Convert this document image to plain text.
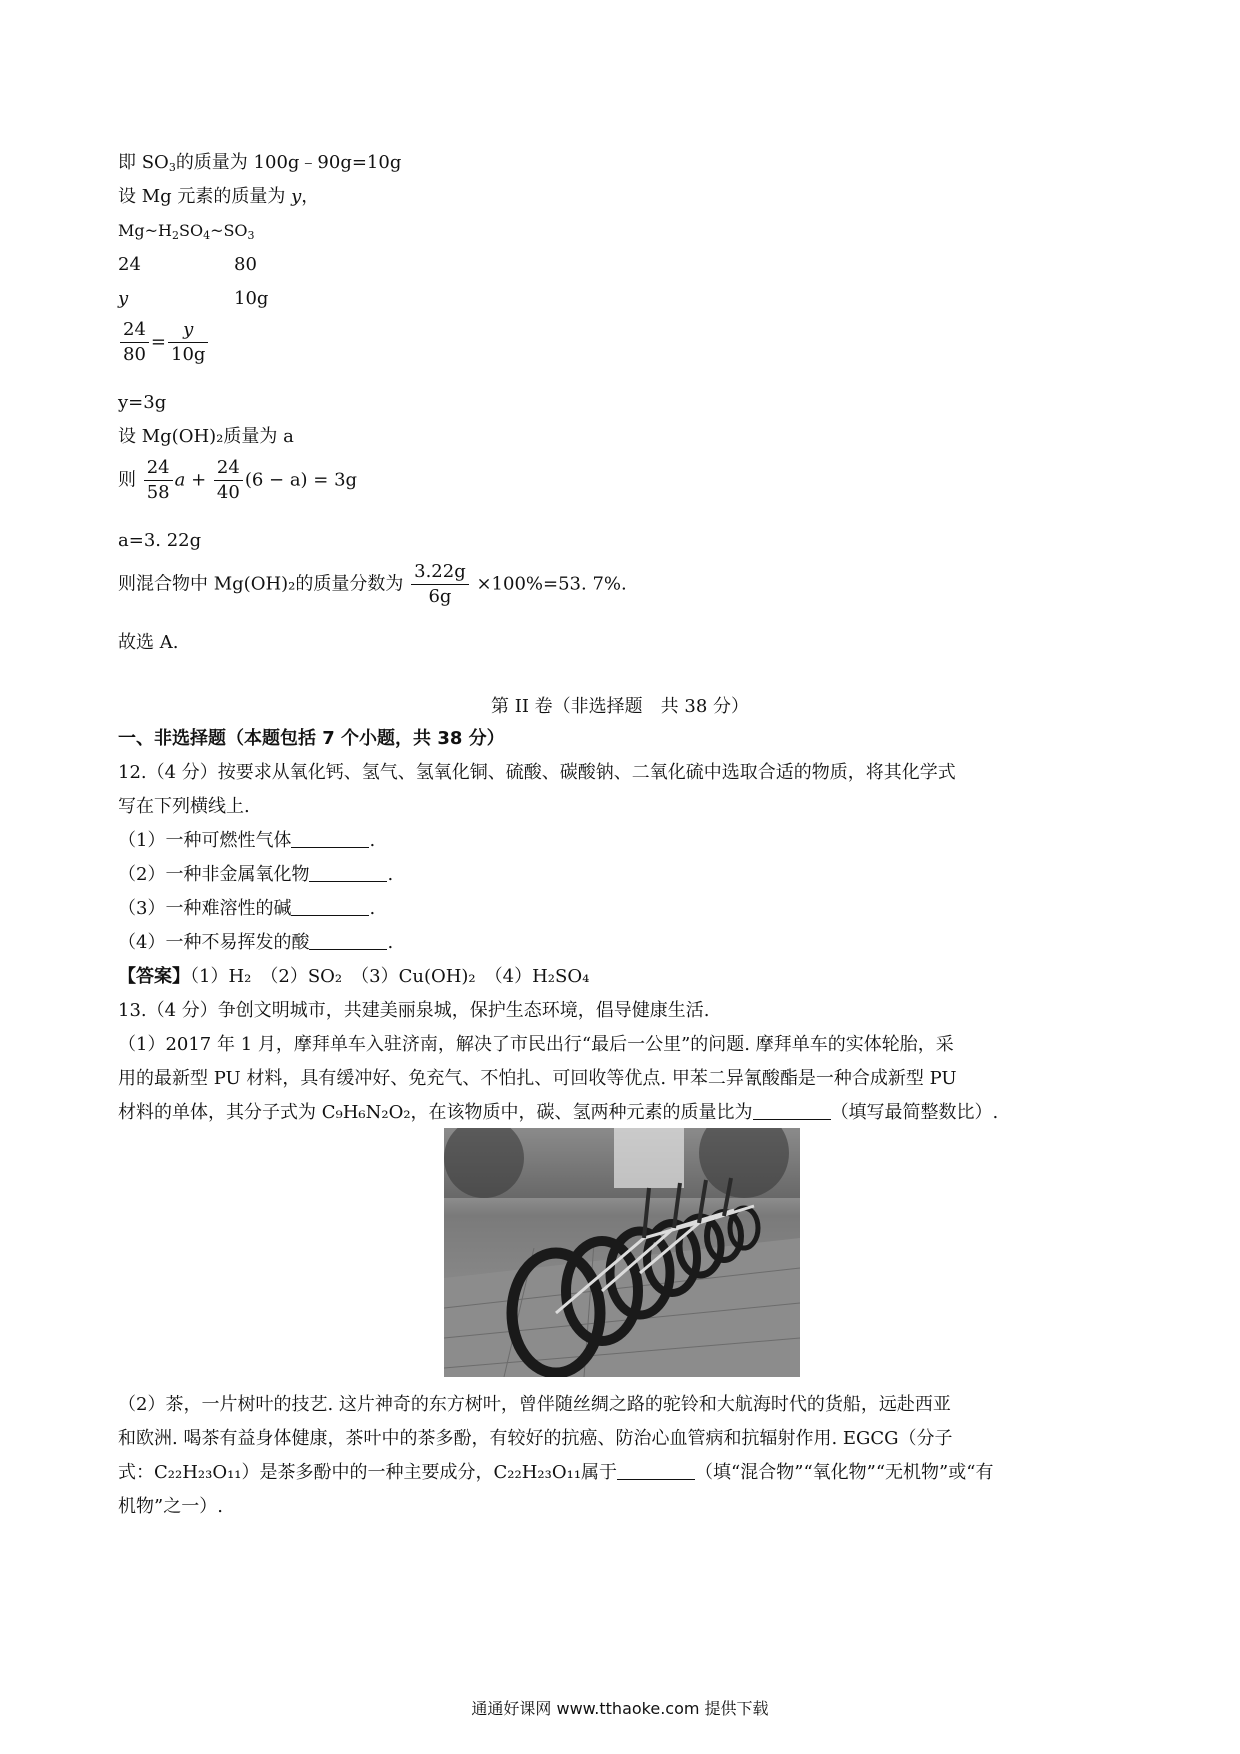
即 $SO_3$的质量为 100g﹣90g=10g
设 Mg 元素的质量为 y，
$Mg\sim H_2SO_4\sim SO_3$
24	80
y	10g
$\frac{24}{80} = \frac{y}{10g}$
y=3g
设 Mg(OH)₂质量为 a
则 $\frac{24}{58}$ $a + \frac{24}{40} (6 - a) = 3g$
a=3. 22g
则混合物中 Mg(OH)₂的质量分数为 $\frac{3.22g}{6g} \times 100\%=53$. 7%.
故选 A.
第 II 卷（非选择题　共 38 分）
一、非选择题（本题包括 7 个小题，共 38 分）
12.（4 分）按要求从氧化钙、氢气、氢氧化铜、硫酸、碳酸钠、二氧化硫中选取合适的物质，将其化学式
写在下列横线上.
（1）一种可燃性气体	.
（2）一种非金属氧化物	.
（3）一种难溶性的碱	.
（4）一种不易挥发的酸	.
【答案】（1）H₂　（2）SO₂　（3）Cu(OH)₂　（4）H₂SO₄
13.（4 分）争创文明城市，共建美丽泉城，保护生态环境，倡导健康生活.
（1）2017 年 1 月，摩拜单车入驻济南，解决了市民出行“最后一公里”的问题. 摩拜单车的实体轮胎，采
用的最新型 PU 材料，具有缓冲好、免充气、不怕扎、可回收等优点. 甲苯二异氰酸酯是一种合成新型 PU
材料的单体，其分子式为 C₉H₆N₂O₂，在该物质中，碳、氢两种元素的质量比为	（填写最简整数比）.
（2）茶，一片树叶的技艺. 这片神奇的东方树叶，曾伴随丝绸之路的驼铃和大航海时代的货船，远赴西亚
和欧洲. 喝茶有益身体健康，茶叶中的茶多酚，有较好的抗癌、防治心血管病和抗辐射作用. EGCG（分子
式：C₂₂H₂₃O₁₁）是茶多酚中的一种主要成分，C₂₂H₂₃O₁₁属于	（填“混合物”“氧化物”“无机物”或“有
机物”之一）.
通通好课网 www.tthaoke.com 提供下载
